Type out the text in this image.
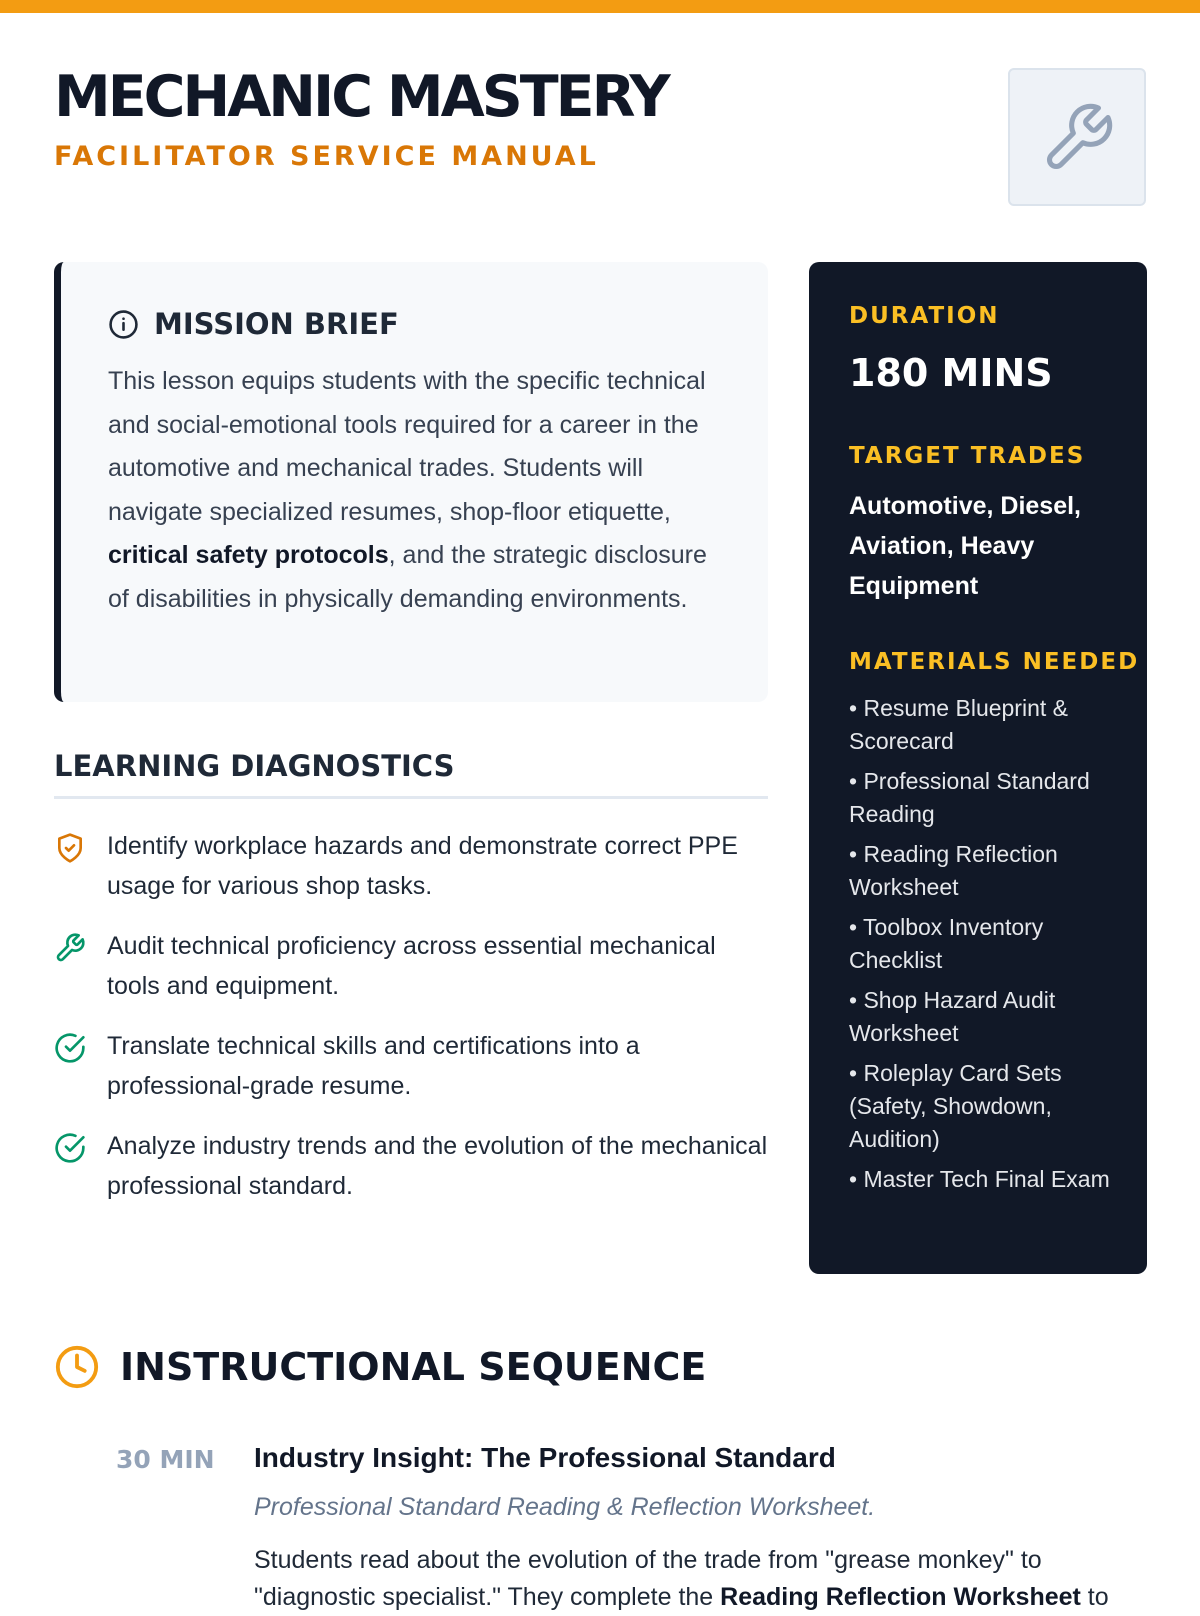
MECHANIC MASTERY
FACILITATOR SERVICE MANUAL
MISSION BRIEF

This lesson equips students with the specific technical and social-emotional tools required for a career in the automotive and mechanical trades. Students will navigate specialized resumes, shop-floor etiquette, critical safety protocols, and the strategic disclosure of disabilities in physically demanding environments.

LEARNING DIAGNOSTICS
Identify workplace hazards and demonstrate correct PPE usage for various shop tasks.
Audit technical proficiency across essential mechanical tools and equipment.
Translate technical skills and certifications into a professional-grade resume.
Analyze industry trends and the evolution of the mechanical professional standard.
DURATION
180 MINS
TARGET TRADES
Automotive, Diesel, Aviation, Heavy Equipment
MATERIALS NEEDED
• Resume Blueprint & Scorecard
• Professional Standard Reading
• Reading Reflection Worksheet
• Toolbox Inventory Checklist
• Shop Hazard Audit Worksheet
• Roleplay Card Sets (Safety, Showdown, Audition)
• Master Tech Final Exam
INSTRUCTIONAL SEQUENCE
30 MIN Industry Insight: The Professional Standard
Professional Standard Reading & Reflection Worksheet.

Students read about the evolution of the trade from "grease monkey" to "diagnostic specialist." They complete the Reading Reflection Worksheet to
